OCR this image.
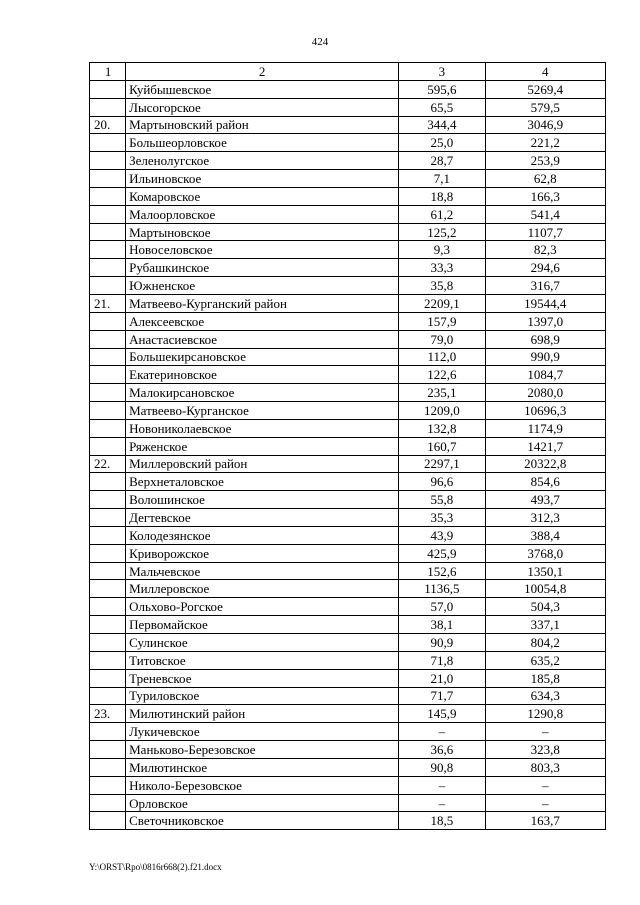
424
1	2	3	4
	Куйбышевское	595,6	5269,4
	Лысогорское	65,5	579,5
20.	Мартыновский район	344,4	3046,9
	Большеорловское	25,0	221,2
	Зеленолугское	28,7	253,9
	Ильиновское	7,1	62,8
	Комаровское	18,8	166,3
	Малоорловское	61,2	541,4
	Мартыновское	125,2	1107,7
	Новоселовское	9,3	82,3
	Рубашкинское	33,3	294,6
	Южненское	35,8	316,7
21.	Матвеево-Курганский район	2209,1	19544,4
	Алексеевское	157,9	1397,0
	Анастасиевское	79,0	698,9
	Большекирсановское	112,0	990,9
	Екатериновское	122,6	1084,7
	Малокирсановское	235,1	2080,0
	Матвеево-Курганское	1209,0	10696,3
	Новониколаевское	132,8	1174,9
	Ряженское	160,7	1421,7
22.	Миллеровский район	2297,1	20322,8
	Верхнеталовское	96,6	854,6
	Волошинское	55,8	493,7
	Дегтевское	35,3	312,3
	Колодезянское	43,9	388,4
	Криворожское	425,9	3768,0
	Мальчевское	152,6	1350,1
	Миллеровское	1136,5	10054,8
	Ольхово-Рогское	57,0	504,3
	Первомайское	38,1	337,1
	Сулинское	90,9	804,2
	Титовское	71,8	635,2
	Треневское	21,0	185,8
	Туриловское	71,7	634,3
23.	Милютинский район	145,9	1290,8
	Лукичевское	–	–
	Маньково-Березовское	36,6	323,8
	Милютинское	90,8	803,3
	Николо-Березовское	–	–
	Орловское	–	–
	Светочниковское	18,5	163,7
Y:\ORST\Rpo\0816r668(2).f21.docx
